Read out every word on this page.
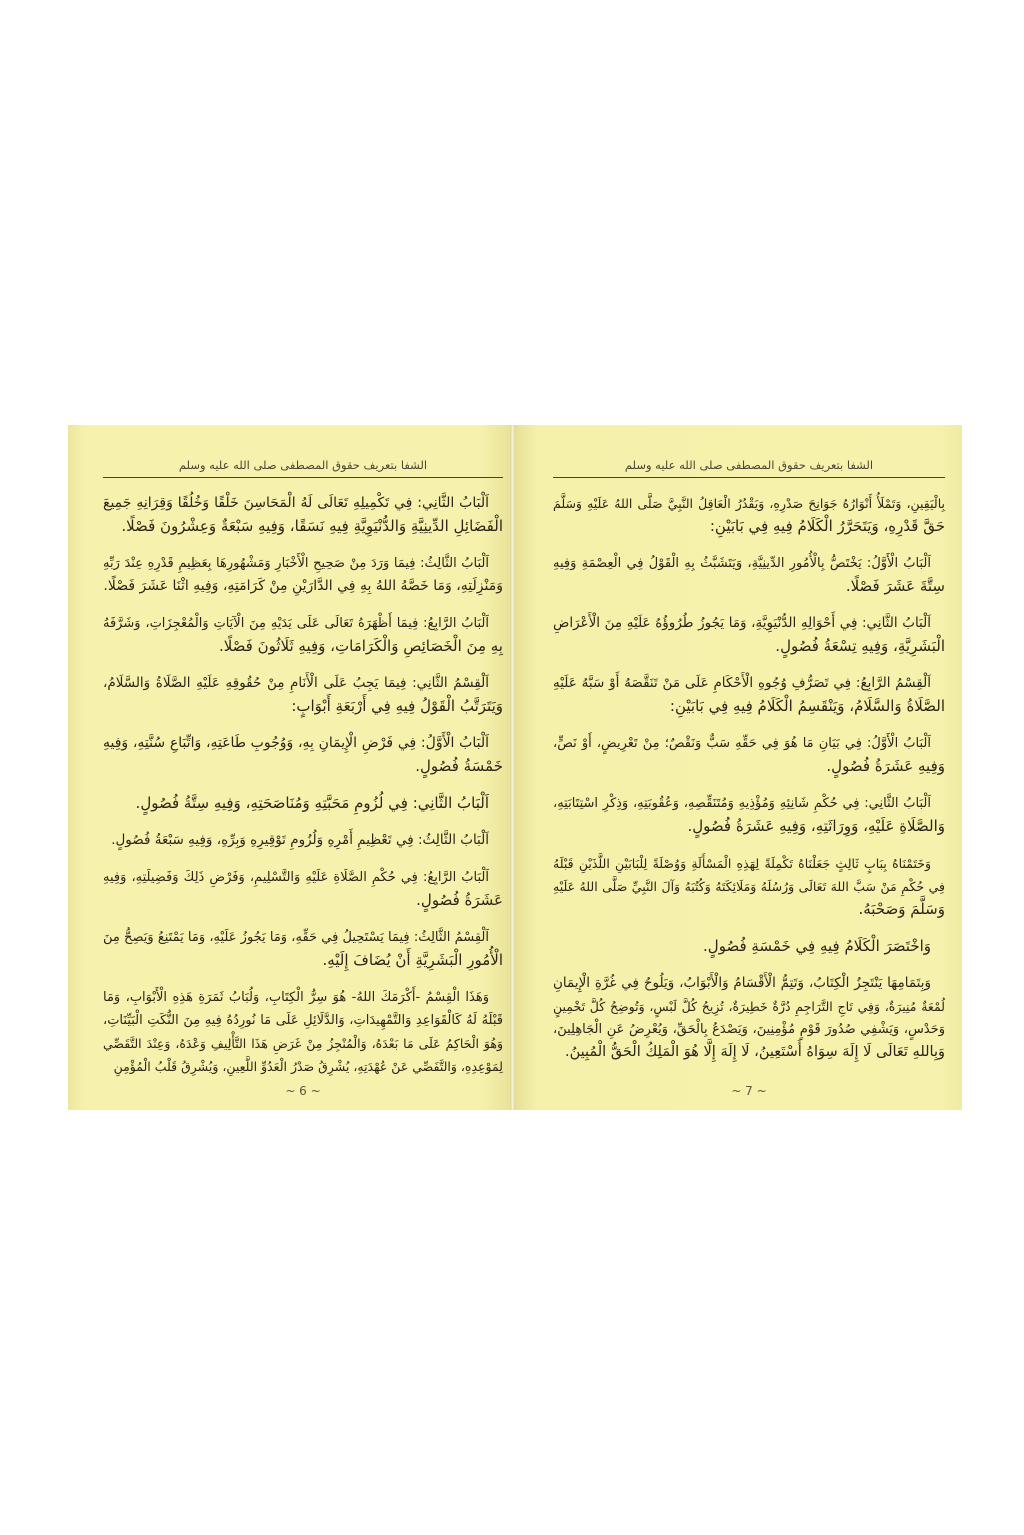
الشفا بتعريف حقوق المصطفى صلى الله عليه وسلم
اَلْبَابُ الثَّانِي: فِي تَكْمِيلِهِ تَعَالَى لَهُ الْمَحَاسِنَ خَلْقًا وَخُلُقًا وَقِرَانِهِ جَمِيعَ
الْفَضَائِلِ الدِّينِيَّةِ وَالدُّنْيَوِيَّةِ فِيهِ نَسَقًا، وَفِيهِ سَبْعَةٌ وَعِشْرُونَ فَصْلًا.
اَلْبَابُ الثَّالِثُ: فِيمَا وَرَدَ مِنْ صَحِيحِ الْأَخْبَارِ وَمَشْهُورِهَا بِعَظِيمِ قَدْرِهِ عِنْدَ رَبِّهِ
وَمَنْزِلَتِهِ، وَمَا خَصَّهُ اللهُ بِهِ فِي الدَّارَيْنِ مِنْ كَرَامَتِهِ، وَفِيهِ اثْنَا عَشَرَ فَصْلًا.
اَلْبَابُ الرَّابِعُ: فِيمَا أَظْهَرَهُ تَعَالَى عَلَى يَدَيْهِ مِنَ الْآيَاتِ وَالْمُعْجِزَاتِ، وَشَرَّفَهُ
بِهِ مِنَ الْخَصَائِصِ وَالْكَرَامَاتِ، وَفِيهِ ثَلَاثُونَ فَصْلًا.
اَلْقِسْمُ الثَّانِي: فِيمَا يَجِبُ عَلَى الْأَنَامِ مِنْ حُقُوقِهِ عَلَيْهِ الصَّلَاةُ وَالسَّلَامُ،
وَيَتَرَتَّبُ الْقَوْلُ فِيهِ فِي أَرْبَعَةِ أَبْوَابٍ:
اَلْبَابُ الْأَوَّلُ: فِي فَرْضِ الْإِيمَانِ بِهِ، وَوُجُوبِ طَاعَتِهِ، وَاتِّبَاعِ سُنَّتِهِ، وَفِيهِ
خَمْسَةُ فُصُولٍ.
اَلْبَابُ الثَّانِي: فِي لُزُومِ مَحَبَّتِهِ وَمُنَاصَحَتِهِ، وَفِيهِ سِتَّةُ فُصُولٍ.
اَلْبَابُ الثَّالِثُ: فِي تَعْظِيمِ أَمْرِهِ وَلُزُومِ تَوْقِيرِهِ وَبِرِّهِ، وَفِيهِ سَبْعَةُ فُصُولٍ.
اَلْبَابُ الرَّابِعُ: فِي حُكْمِ الصَّلَاةِ عَلَيْهِ وَالتَّسْلِيمِ، وَفَرْضِ ذَلِكَ وَفَضِيلَتِهِ، وَفِيهِ
عَشَرَةُ فُصُولٍ.
اَلْقِسْمُ الثَّالِثُ: فِيمَا يَسْتَحِيلُ فِي حَقِّهِ، وَمَا يَجُوزُ عَلَيْهِ، وَمَا يَمْتَنِعُ وَيَصِحُّ مِنَ
الْأُمُورِ الْبَشَرِيَّةِ أَنْ يُضَافَ إِلَيْهِ.
وَهَذَا الْقِسْمُ -أَكْرَمَكَ اللهُ- هُوَ سِرُّ الْكِتَابِ، وَلُبَابُ ثَمَرَةِ هَذِهِ الْأَبْوَابِ، وَمَا
قَبْلَهُ لَهُ كَالْقَوَاعِدِ وَالتَّمْهِيدَاتِ، وَالدَّلَائِلِ عَلَى مَا نُورِدُهُ فِيهِ مِنَ النُّكَتِ الْبَيِّنَاتِ،
وَهُوَ الْحَاكِمُ عَلَى مَا بَعْدَهُ، وَالْمُنْجِزُ مِنْ غَرَضِ هَذَا التَّأْلِيفِ وَعْدَهُ، وَعِنْدَ التَّقَصِّي
لِمَوْعِدِهِ، وَالتَّفَصِّي عَنْ عُهْدَتِهِ، يُشْرِقُ صَدْرُ الْعَدُوِّ اللَّعِينِ، وَيُشْرِقُ قَلْبُ الْمُؤْمِنِ
~ 6 ~
الشفا بتعريف حقوق المصطفى صلى الله عليه وسلم
بِالْيَقِينِ، وَتَمْلَأُ أَنْوَارُهُ جَوَانِحَ صَدْرِهِ، وَيَقْدُرُ الْعَاقِلُ النَّبِيَّ صَلَّى اللهُ عَلَيْهِ وَسَلَّمَ
حَقَّ قَدْرِهِ، وَيَتَحَرَّرُ الْكَلَامُ فِيهِ فِي بَابَيْنِ:
اَلْبَابُ الْأَوَّلُ: يَخْتَصُّ بِالْأُمُورِ الدِّينِيَّةِ، وَيَتَشَبَّثُ بِهِ الْقَوْلُ فِي الْعِصْمَةِ وَفِيهِ
سِتَّةَ عَشَرَ فَصْلًا.
اَلْبَابُ الثَّانِي: فِي أَحْوَالِهِ الدُّنْيَوِيَّةِ، وَمَا يَجُوزُ طُرُوؤُهُ عَلَيْهِ مِنَ الْأَعْرَاضِ
الْبَشَرِيَّةِ، وَفِيهِ تِسْعَةُ فُصُولٍ.
اَلْقِسْمُ الرَّابِعُ: فِي تَصَرُّفِ وُجُوهِ الْأَحْكَامِ عَلَى مَنْ تَنَقَّصَهُ أَوْ سَبَّهُ عَلَيْهِ
الصَّلَاةُ وَالسَّلَامُ، وَيَنْقَسِمُ الْكَلَامُ فِيهِ فِي بَابَيْنِ:
اَلْبَابُ الْأَوَّلُ: فِي بَيَانِ مَا هُوَ فِي حَقِّهِ سَبٌّ وَنَقْصٌ؛ مِنْ تَعْرِيضٍ، أَوْ نَصٍّ،
وَفِيهِ عَشَرَةُ فُصُولٍ.
اَلْبَابُ الثَّانِي: فِي حُكْمِ شَانِئِهِ وَمُؤْذِيهِ وَمُتَنَقِّصِهِ، وَعُقُوبَتِهِ، وَذِكْرِ اسْتِتَابَتِهِ،
وَالصَّلَاةِ عَلَيْهِ، وَوِرَاثَتِهِ، وَفِيهِ عَشَرَةُ فُصُولٍ.
وَخَتَمْنَاهُ بِبَابٍ ثَالِثٍ جَعَلْنَاهُ تَكْمِلَةً لِهَذِهِ الْمَسْأَلَةِ وَوُصْلَةً لِلْبَابَيْنِ اللَّذَيْنِ قَبْلَهُ
فِي حُكْمِ مَنْ سَبَّ اللهَ تَعَالَى وَرُسُلَهُ وَمَلَائِكَتَهُ وَكُتُبَهُ وَآلَ النَّبِيِّ صَلَّى اللهُ عَلَيْهِ
وَسَلَّمَ وَصَحْبَهُ.
وَاخْتَصَرَ الْكَلَامُ فِيهِ فِي خَمْسَةِ فُصُولٍ.
وَبِتَمَامِهَا يَنْتَجِزُ الْكِتَابُ، وَتَتِمُّ الْأَقْسَامُ وَالْأَبْوَابُ، وَيَلُوحُ فِي غُرَّةِ الْإِيمَانِ
لُمْعَةٌ مُنِيرَةٌ، وَفِي تَاجِ التَّرَاجِمِ دُرَّةٌ خَطِيرَةٌ، تُزِيحُ كُلَّ لَبْسٍ، وَتُوضِحُ كُلَّ تَخْمِينٍ
وَحَدْسٍ، وَيَشْفِي صُدُورَ قَوْمٍ مُؤْمِنِينَ، وَيَصْدَعُ بِالْحَقِّ، وَيُعْرِضُ عَنِ الْجَاهِلِينَ،
وَبِاللهِ تَعَالَى لَا إِلَهَ سِوَاهُ أَسْتَعِينُ، لَا إِلَهَ إِلَّا هُوَ الْمَلِكُ الْحَقُّ الْمُبِينُ.
~ 7 ~
